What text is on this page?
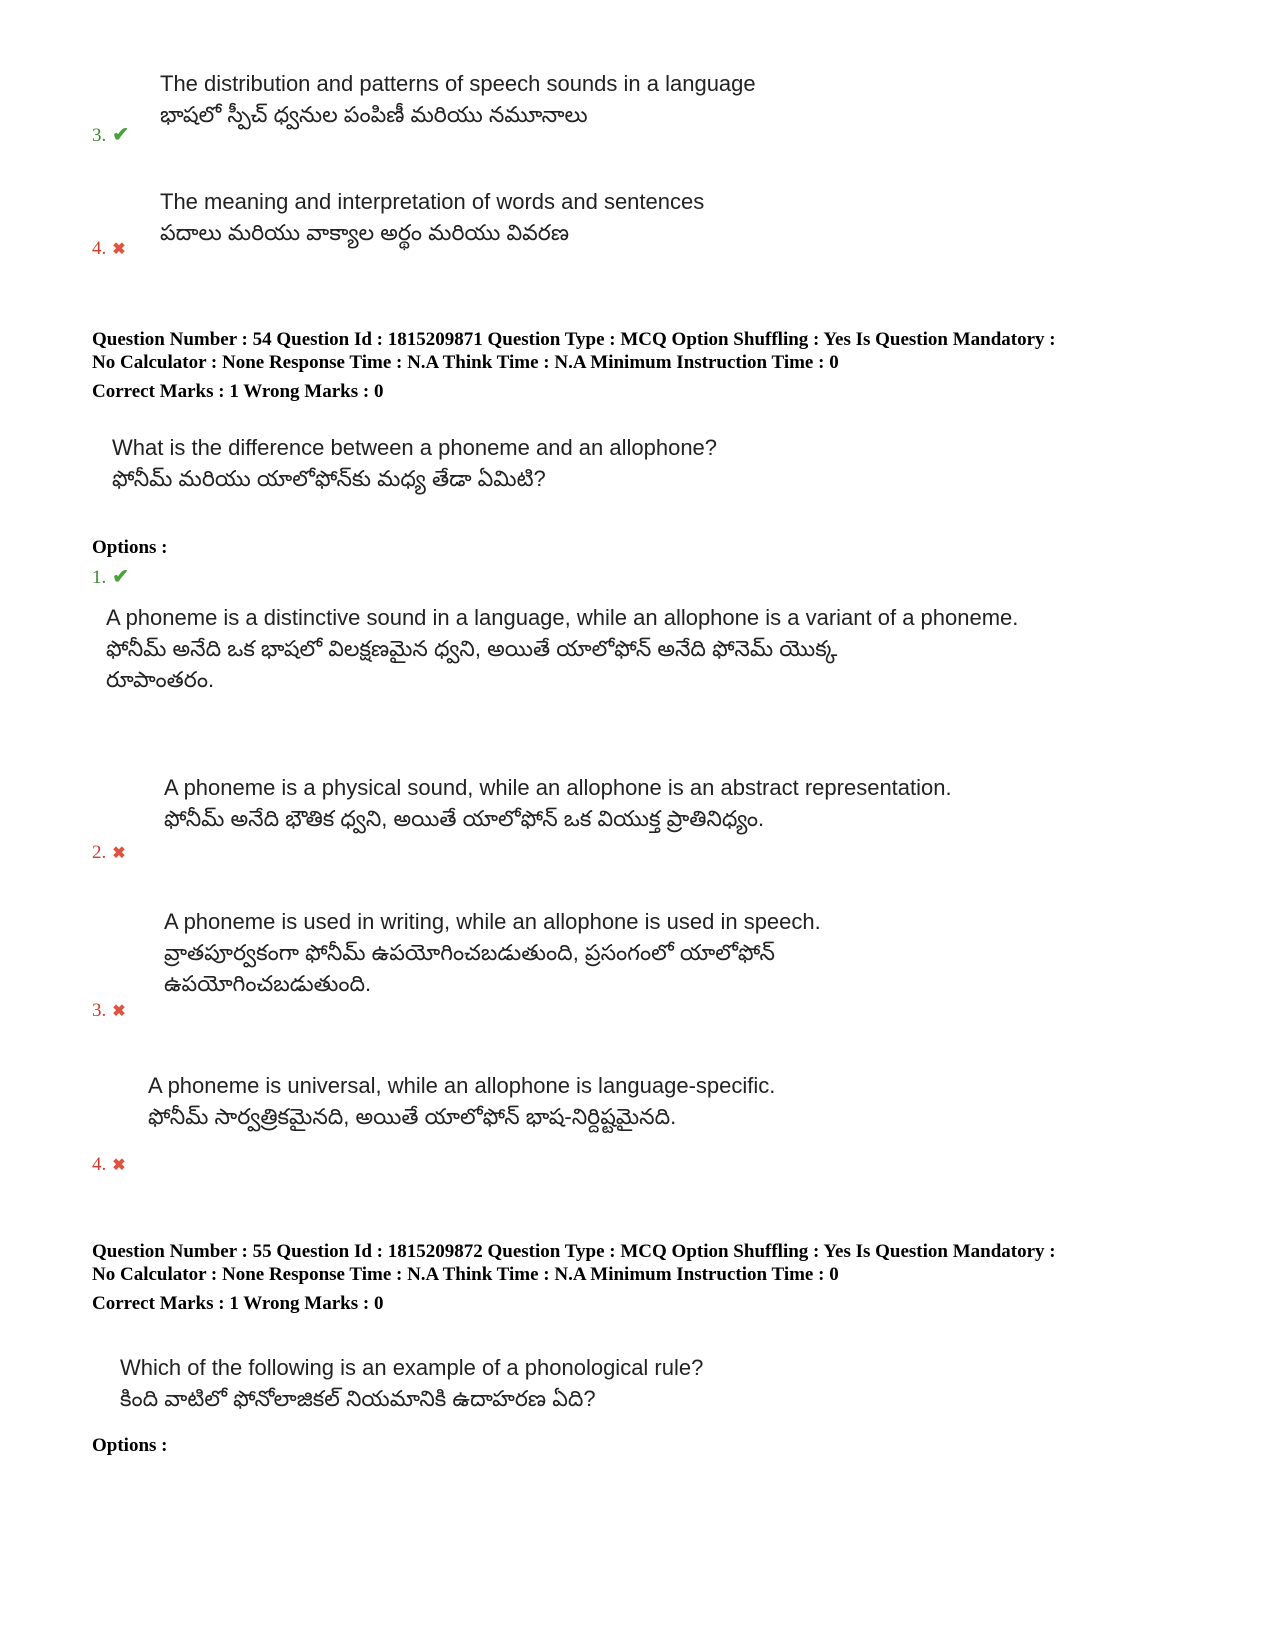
The distribution and patterns of speech sounds in a language
భాషలో స్పీచ్ ధ్వనుల పంపిణీ మరియు నమూనాలు
3. ✔
The meaning and interpretation of words and sentences
పదాలు మరియు వాక్యాల అర్థం మరియు వివరణ
4. ✖
Question Number : 54 Question Id : 1815209871 Question Type : MCQ Option Shuffling : Yes Is Question Mandatory :
No Calculator : None Response Time : N.A Think Time : N.A Minimum Instruction Time : 0
Correct Marks : 1 Wrong Marks : 0
What is the difference between a phoneme and an allophone?
ఫోనీమ్ మరియు యాలోఫోన్‌కు మధ్య తేడా ఏమిటి?
Options :
1. ✔
A phoneme is a distinctive sound in a language, while an allophone is a variant of a phoneme.
ఫోనీమ్ అనేది ఒక భాషలో విలక్షణమైన ధ్వని, అయితే యాలోఫోన్ అనేది ఫోనెమ్ యొక్క
రూపాంతరం.
A phoneme is a physical sound, while an allophone is an abstract representation.
ఫోనీమ్ అనేది భౌతిక ధ్వని, అయితే యాలోఫోన్ ఒక వియుక్త ప్రాతినిధ్యం.
2. ✖
A phoneme is used in writing, while an allophone is used in speech.
వ్రాతపూర్వకంగా ఫోనీమ్ ఉపయోగించబడుతుంది, ప్రసంగంలో యాలోఫోన్
ఉపయోగించబడుతుంది.
3. ✖
A phoneme is universal, while an allophone is language-specific.
ఫోనీమ్ సార్వత్రికమైనది, అయితే యాలోఫోన్ భాష-నిర్దిష్టమైనది.
4. ✖
Question Number : 55 Question Id : 1815209872 Question Type : MCQ Option Shuffling : Yes Is Question Mandatory :
No Calculator : None Response Time : N.A Think Time : N.A Minimum Instruction Time : 0
Correct Marks : 1 Wrong Marks : 0
Which of the following is an example of a phonological rule?
కింది వాటిలో ఫోనోలాజికల్ నియమానికి ఉదాహరణ ఏది?
Options :
